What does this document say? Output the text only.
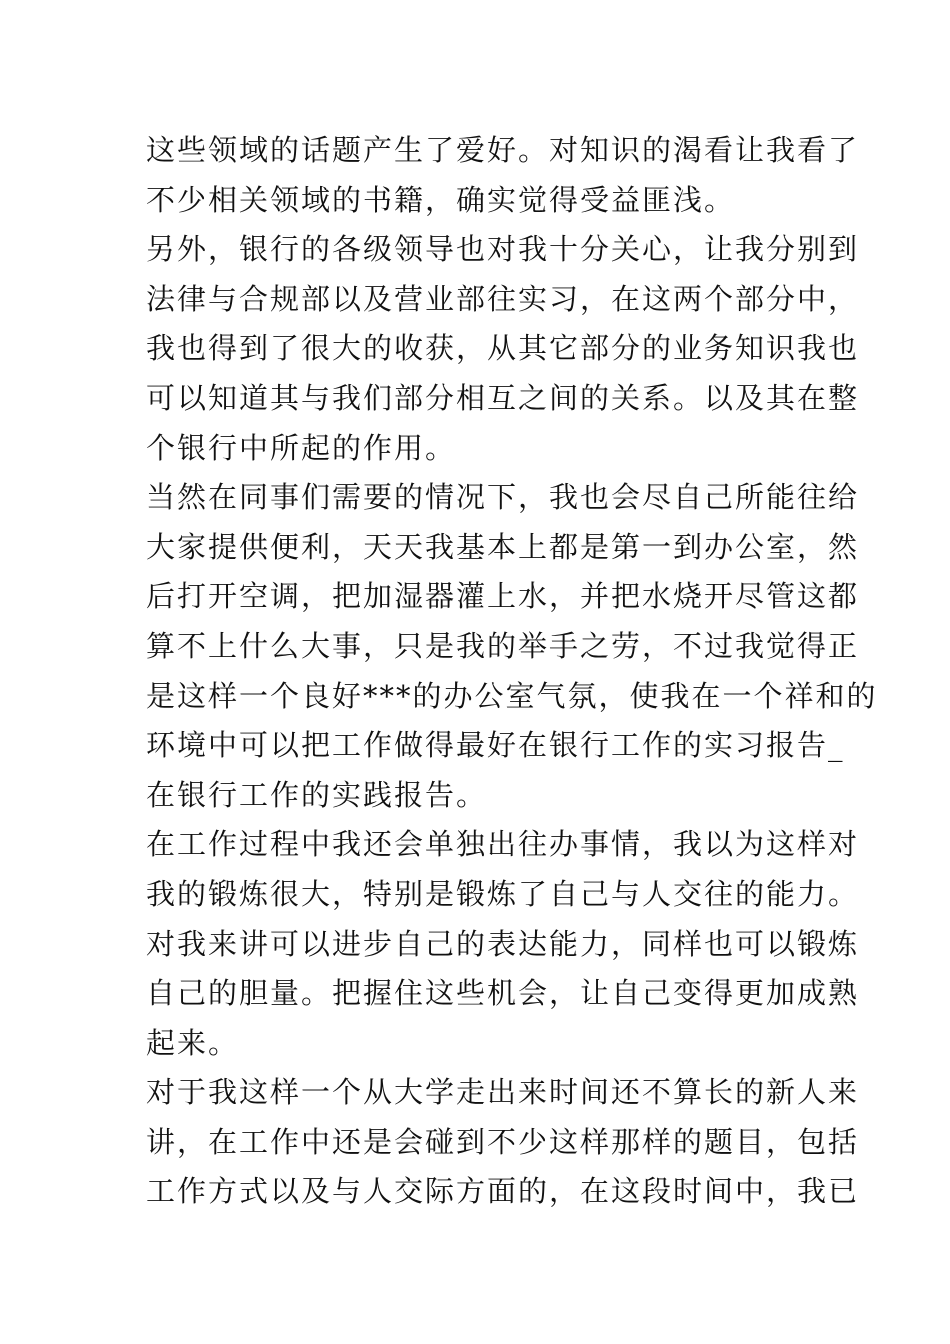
这些领域的话题产生了爱好。对知识的渴看让我看了
不少相关领域的书籍，确实觉得受益匪浅。
另外，银行的各级领导也对我十分关心，让我分别到
法律与合规部以及营业部往实习，在这两个部分中，
我也得到了很大的收获，从其它部分的业务知识我也
可以知道其与我们部分相互之间的关系。以及其在整
个银行中所起的作用。
当然在同事们需要的情况下，我也会尽自己所能往给
大家提供便利，天天我基本上都是第一到办公室，然
后打开空调，把加湿器灌上水，并把水烧开尽管这都
算不上什么大事，只是我的举手之劳，不过我觉得正
是这样一个良好***的办公室气氛，使我在一个祥和的
环境中可以把工作做得最好在银行工作的实习报告_
在银行工作的实践报告。
在工作过程中我还会单独出往办事情，我以为这样对
我的锻炼很大，特别是锻炼了自己与人交往的能力。
对我来讲可以进步自己的表达能力，同样也可以锻炼
自己的胆量。把握住这些机会，让自己变得更加成熟
起来。
对于我这样一个从大学走出来时间还不算长的新人来
讲，在工作中还是会碰到不少这样那样的题目，包括
工作方式以及与人交际方面的，在这段时间中，我已
